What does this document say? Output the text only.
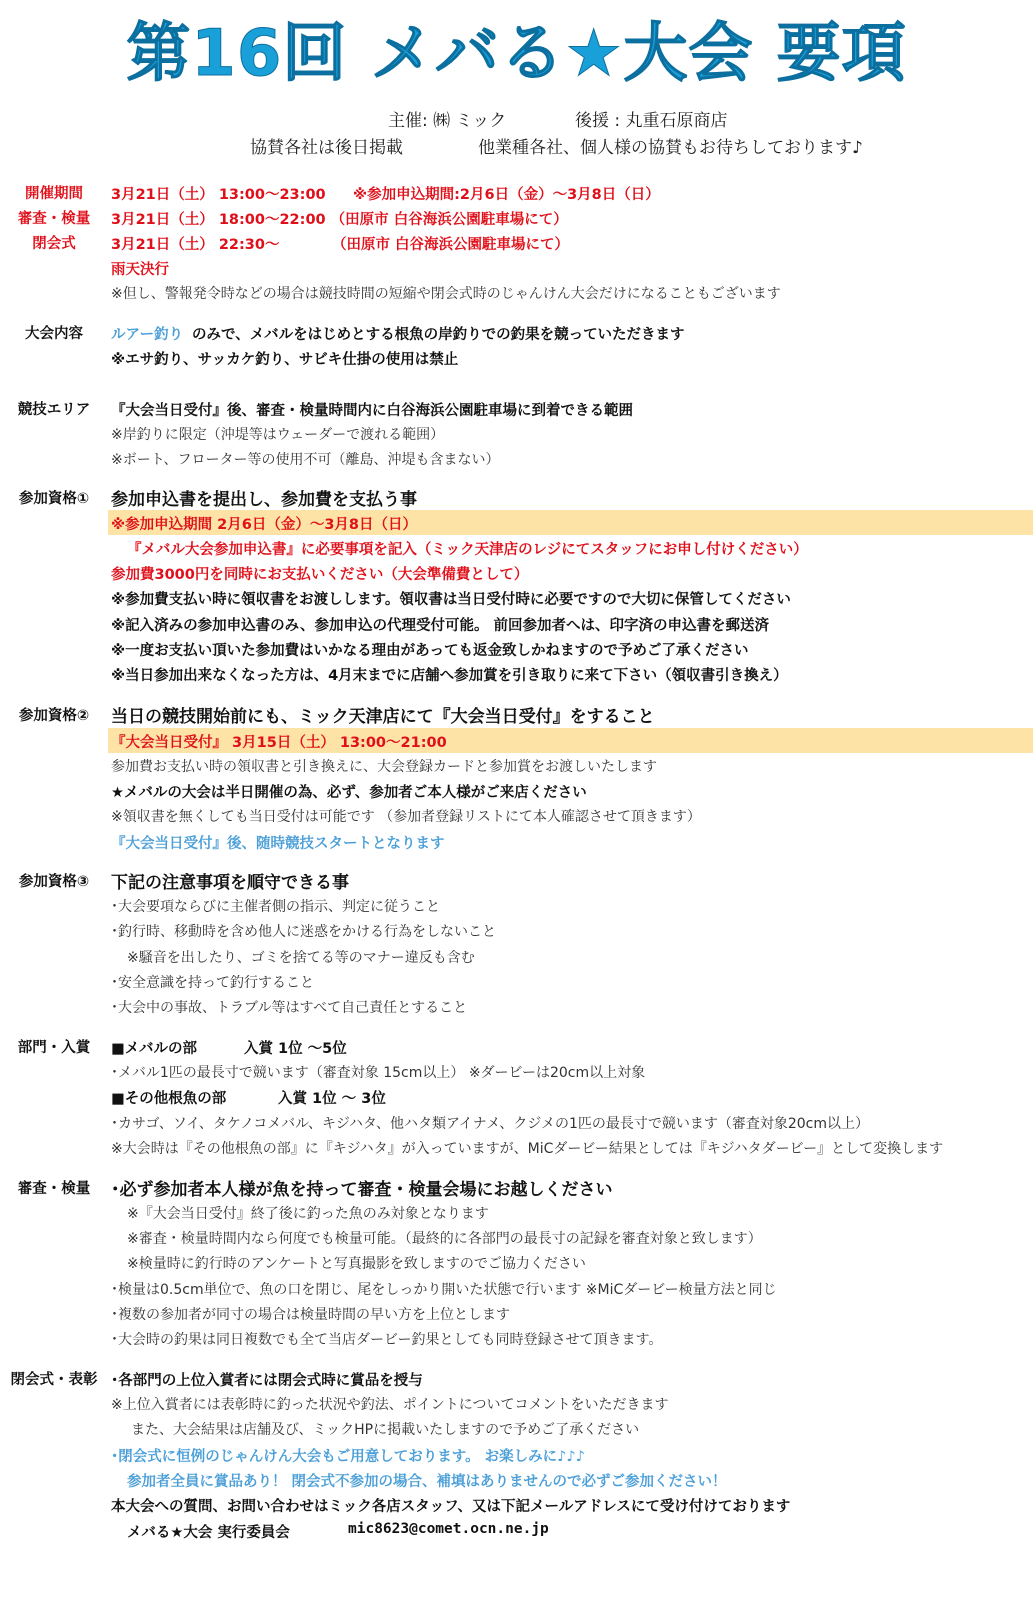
第16回 メバる★大会 要項
主催: ㈱ ミック	後援 : 丸重石原商店
協賛各社は後日掲載	他業種各社、個人様の協賛もお待ちしております♪
開催期間	3月21日（土） 13:00〜23:00 ※参加申込期間:2月6日（金）〜3月8日（日）
審査・検量	3月21日（土） 18:00〜22:00 （田原市 白谷海浜公園駐車場にて）
閉会式	3月21日（土） 22:30〜	（田原市 白谷海浜公園駐車場にて）
雨天決行
※但し、警報発令時などの場合は競技時間の短縮や閉会式時のじゃんけん大会だけになることもございます
大会内容	ルアー釣り のみで、メバルをはじめとする根魚の岸釣りでの釣果を競っていただきます
※エサ釣り、サッカケ釣り、サビキ仕掛の使用は禁止
競技エリア	『大会当日受付』後、審査・検量時間内に白谷海浜公園駐車場に到着できる範囲
※岸釣りに限定（沖堤等はウェーダーで渡れる範囲）
※ボート、フローター等の使用不可（離島、沖堤も含まない）
参加資格①	参加申込書を提出し、参加費を支払う事
※参加申込期間 2月6日（金）〜3月8日（日）
『メバル大会参加申込書』に必要事項を記入（ミック天津店のレジにてスタッフにお申し付けください）
参加費3000円を同時にお支払いください（大会準備費として）
※参加費支払い時に領収書をお渡しします。領収書は当日受付時に必要ですので大切に保管してください
※記入済みの参加申込書のみ、参加申込の代理受付可能。 前回参加者へは、印字済の申込書を郵送済
※一度お支払い頂いた参加費はいかなる理由があっても返金致しかねますので予めご了承ください
※当日参加出来なくなった方は、4月末までに店舗へ参加賞を引き取りに来て下さい（領収書引き換え）
参加資格②	当日の競技開始前にも、ミック天津店にて『大会当日受付』をすること
『大会当日受付』 3月15日（土） 13:00〜21:00
参加費お支払い時の領収書と引き換えに、大会登録カードと参加賞をお渡しいたします
★メバルの大会は半日開催の為、必ず、参加者ご本人様がご来店ください
※領収書を無くしても当日受付は可能です （参加者登録リストにて本人確認させて頂きます）
『大会当日受付』後、随時競技スタートとなります
参加資格③	下記の注意事項を順守できる事
･大会要項ならびに主催者側の指示、判定に従うこと
･釣行時、移動時を含め他人に迷惑をかける行為をしないこと
※騒音を出したり、ゴミを捨てる等のマナー違反も含む
･安全意識を持って釣行すること
･大会中の事故、トラブル等はすべて自己責任とすること
部門・入賞	■メバルの部	入賞 1位 〜5位
･メバル1匹の最長寸で競います（審査対象 15cm以上） ※ダービーは20cm以上対象
■その他根魚の部	入賞 1位 〜 3位
･カサゴ、ソイ、タケノコメバル、キジハタ、他ハタ類アイナメ、クジメの1匹の最長寸で競います（審査対象20cm以上）
※大会時は『その他根魚の部』に『キジハタ』が入っていますが、MiCダービー結果としては『キジハタダービー』として変換します
審査・検量	･必ず参加者本人様が魚を持って審査・検量会場にお越しください
※『大会当日受付』終了後に釣った魚のみ対象となります
※審査・検量時間内なら何度でも検量可能。（最終的に各部門の最長寸の記録を審査対象と致します）
※検量時に釣行時のアンケートと写真撮影を致しますのでご協力ください
･検量は0.5cm単位で、魚の口を閉じ、尾をしっかり開いた状態で行います ※MiCダービー検量方法と同じ
･複数の参加者が同寸の場合は検量時間の早い方を上位とします
･大会時の釣果は同日複数でも全て当店ダービー釣果としても同時登録させて頂きます。
閉会式・表彰 ･各部門の上位入賞者には閉会式時に賞品を授与
※上位入賞者には表彰時に釣った状況や釣法、ポイントについてコメントをいただきます
また、大会結果は店舗及び、ミックHPに掲載いたしますので予めご了承ください
･閉会式に恒例のじゃんけん大会もご用意しております。 お楽しみに♪♪♪
参加者全員に賞品あり！ 閉会式不参加の場合、補填はありませんので必ずご参加ください！
本大会への質問、お問い合わせはミック各店スタッフ、又は下記メールアドレスにて受け付けております
メバる★大会 実行委員会	mic8623@comet.ocn.ne.jp
